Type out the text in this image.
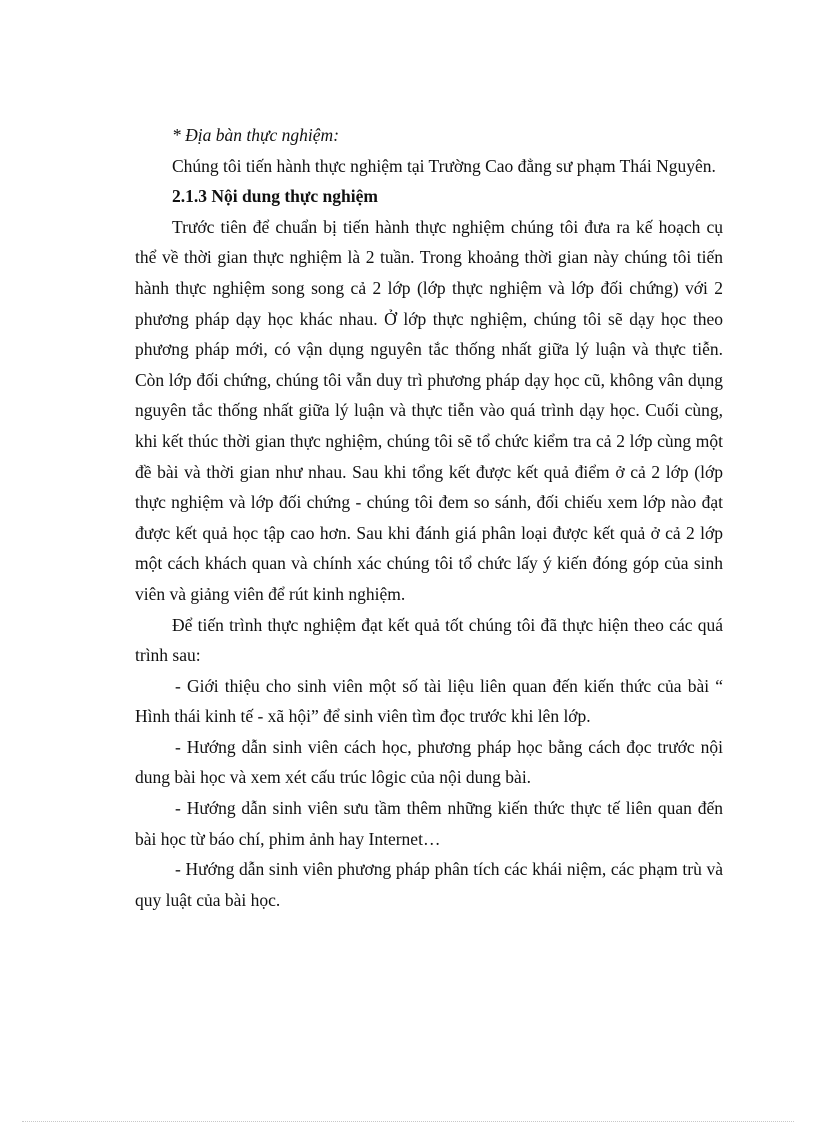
* Địa bàn thực nghiệm:

Chúng tôi tiến hành thực nghiệm tại Trường Cao đẳng sư phạm Thái Nguyên.

2.1.3 Nội dung thực nghiệm

Trước tiên để chuẩn bị tiến hành thực nghiệm chúng tôi đưa ra kế hoạch cụ thể về thời gian thực nghiệm là 2 tuần. Trong khoảng thời gian này chúng tôi tiến hành thực nghiệm song song cả 2 lớp (lớp thực nghiệm và lớp đối chứng) với 2 phương pháp dạy học khác nhau. Ở lớp thực nghiệm, chúng tôi sẽ dạy học theo phương pháp mới, có vận dụng nguyên tắc thống nhất giữa lý luận và thực tiễn. Còn lớp đối chứng, chúng tôi vẫn duy trì phương pháp dạy học cũ, không vân dụng nguyên tắc thống nhất giữa lý luận và thực tiễn vào quá trình dạy học. Cuối cùng, khi kết thúc thời gian thực nghiệm, chúng tôi sẽ tổ chức kiểm tra cả 2 lớp cùng một đề bài và thời gian như nhau. Sau khi tổng kết được kết quả điểm ở cả 2 lớp (lớp thực nghiệm và lớp đối chứng - chúng tôi đem so sánh, đối chiếu xem lớp nào đạt được kết quả học tập cao hơn. Sau khi đánh giá phân loại được kết quả ở cả 2 lớp một cách khách quan và chính xác chúng tôi tổ chức lấy ý kiến đóng góp của sinh viên và giảng viên để rút kinh nghiệm.

Để tiến trình thực nghiệm đạt kết quả tốt chúng tôi đã thực hiện theo các quá trình sau:

- Giới thiệu cho sinh viên một số tài liệu liên quan đến kiến thức của bài “ Hình thái kinh tế - xã hội” để sinh viên tìm đọc trước khi lên lớp.

- Hướng dẫn sinh viên cách học, phương pháp học bằng cách đọc trước nội dung bài học và xem xét cấu trúc lôgic của nội dung bài.

- Hướng dẫn sinh viên sưu tầm thêm những kiến thức thực tế liên quan đến bài học từ báo chí, phim ảnh hay Internet…

- Hướng dẫn sinh viên phương pháp phân tích các khái niệm, các phạm trù và quy luật của bài học.
